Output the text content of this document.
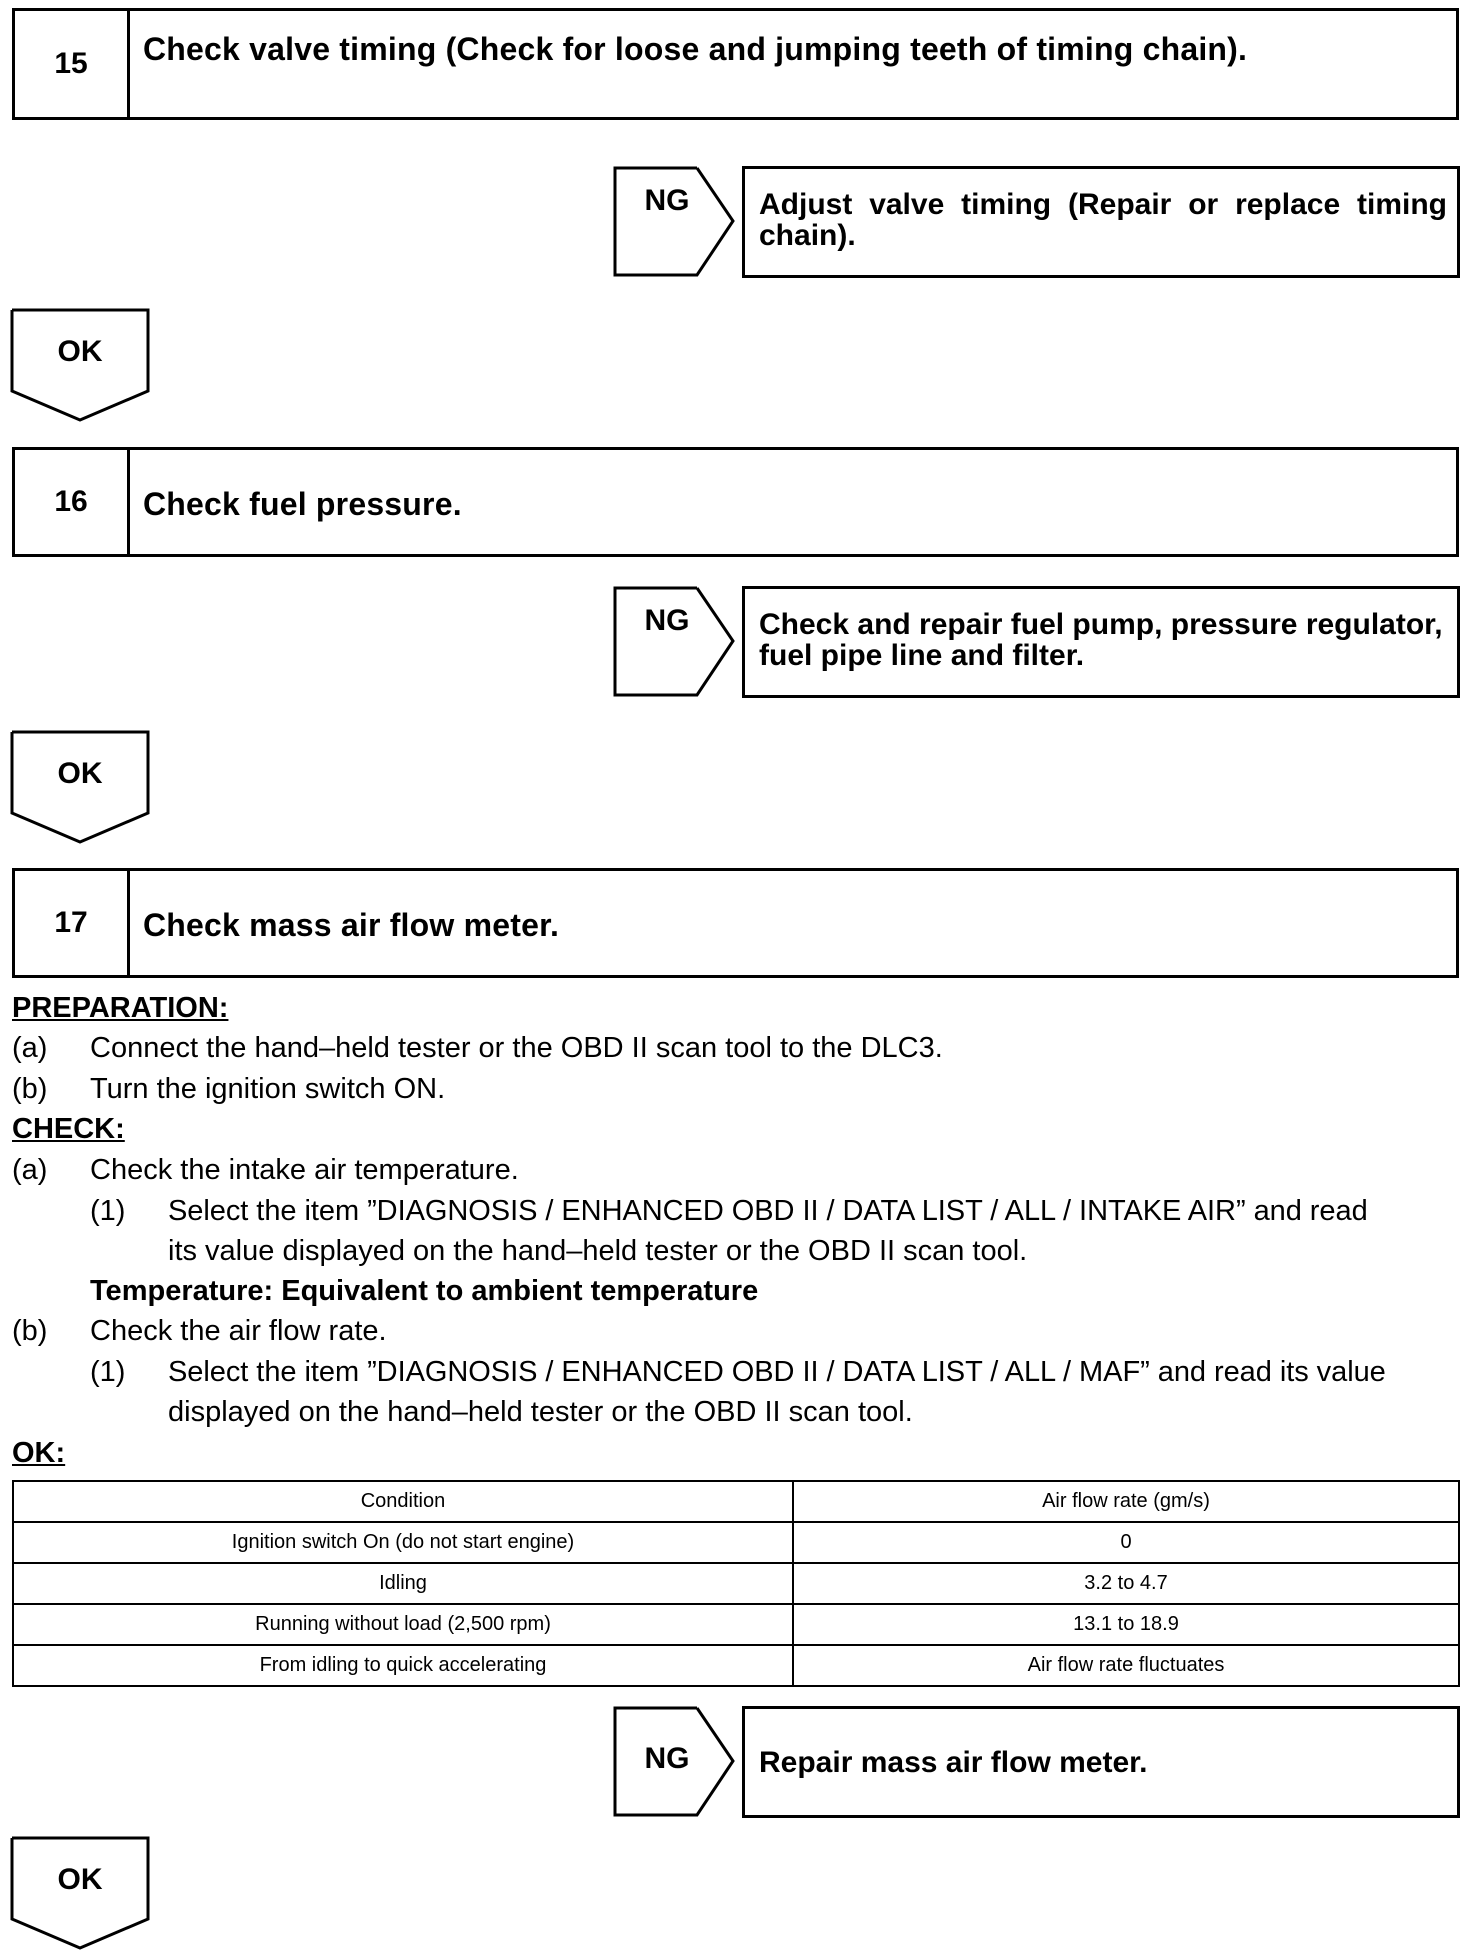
15	Check valve timing (Check for loose and jumping teeth of timing chain).
NG	Adjust valve timing (Repair or replace timing chain).
OK
16	Check fuel pressure.
NG	Check and repair fuel pump, pressure regulator, fuel pipe line and filter.
OK
17	Check mass air flow meter.
PREPARATION:
(a) Connect the hand–held tester or the OBD II scan tool to the DLC3.
(b) Turn the ignition switch ON.
CHECK:
(a) Check the intake air temperature.
(1) Select the item ”DIAGNOSIS / ENHANCED OBD II / DATA LIST / ALL / INTAKE AIR” and read
its value displayed on the hand–held tester or the OBD II scan tool.
Temperature: Equivalent to ambient temperature
(b) Check the air flow rate.
(1) Select the item ”DIAGNOSIS / ENHANCED OBD II / DATA LIST / ALL / MAF” and read its value
displayed on the hand–held tester or the OBD II scan tool.
OK:
Condition	Air flow rate (gm/s)
Ignition switch On (do not start engine)	0
Idling	3.2 to 4.7
Running without load (2,500 rpm)	13.1 to 18.9
From idling to quick accelerating	Air flow rate fluctuates
NG	Repair mass air flow meter.
OK
